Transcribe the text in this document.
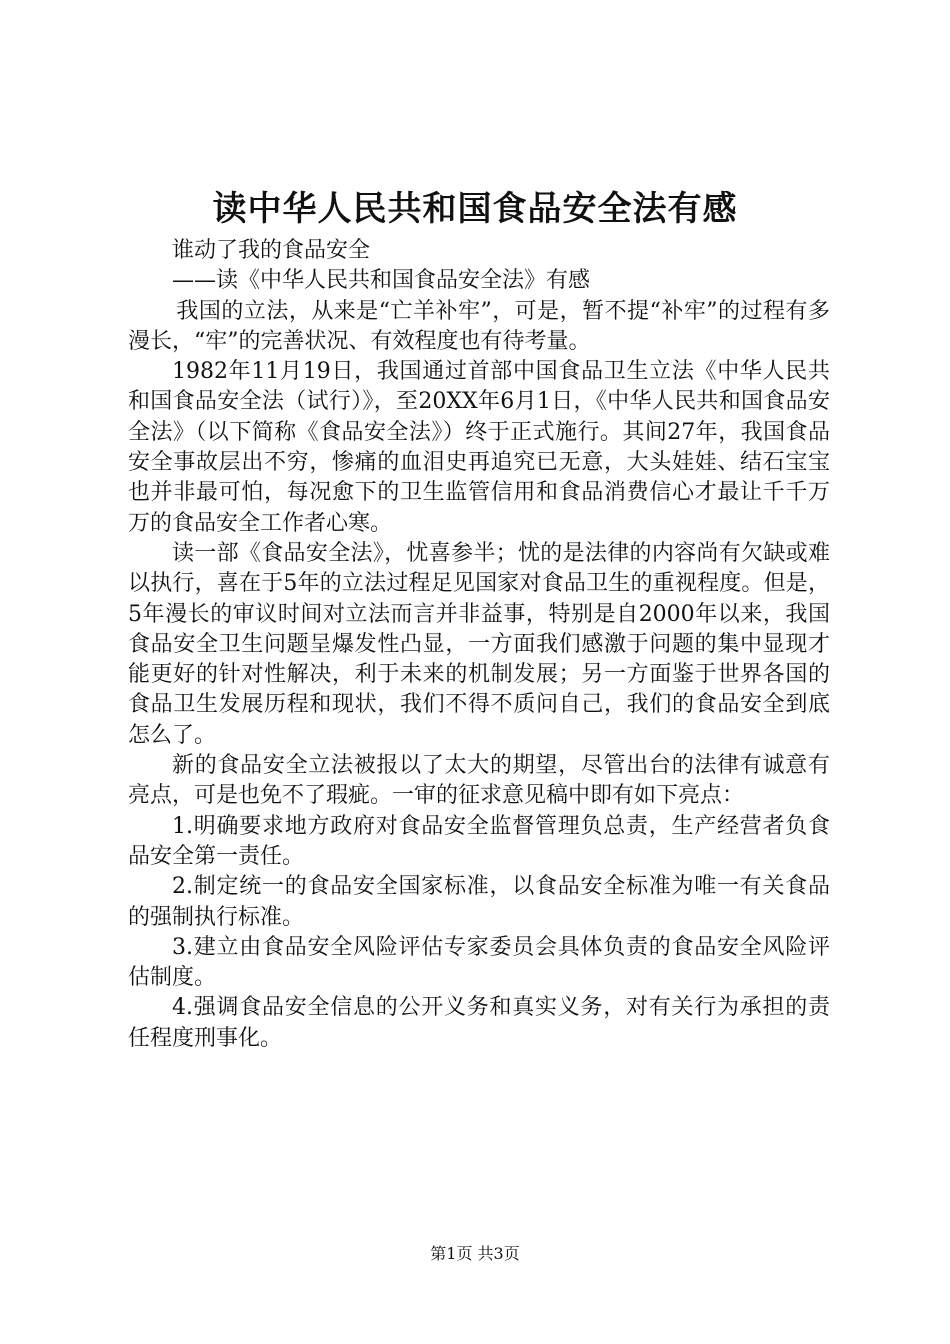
读中华人民共和国食品安全法有感

谁动了我的食品安全

——读《中华人民共和国食品安全法》有感

我国的立法，从来是“亡羊补牢”，可是，暂不提“补牢”的过程有多漫长，“牢”的完善状况、有效程度也有待考量。

1982年11月19日，我国通过首部中国食品卫生立法《中华人民共和国食品安全法（试行）》，至20XX年6月1日，《中华人民共和国食品安全法》（以下简称《食品安全法》）终于正式施行。其间27年，我国食品安全事故层出不穷，惨痛的血泪史再追究已无意，大头娃娃、结石宝宝也并非最可怕，每况愈下的卫生监管信用和食品消费信心才最让千千万万的食品安全工作者心寒。

读一部《食品安全法》，忧喜参半；忧的是法律的内容尚有欠缺或难以执行，喜在于5年的立法过程足见国家对食品卫生的重视程度。但是，5年漫长的审议时间对立法而言并非益事，特别是自2000年以来，我国食品安全卫生问题呈爆发性凸显，一方面我们感激于问题的集中显现才能更好的针对性解决，利于未来的机制发展；另一方面鉴于世界各国的食品卫生发展历程和现状，我们不得不质问自己，我们的食品安全到底怎么了。

新的食品安全立法被报以了太大的期望，尽管出台的法律有诚意有亮点，可是也免不了瑕疵。一审的征求意见稿中即有如下亮点：

1.明确要求地方政府对食品安全监督管理负总责，生产经营者负食品安全第一责任。

2.制定统一的食品安全国家标准，以食品安全标准为唯一有关食品的强制执行标准。

3.建立由食品安全风险评估专家委员会具体负责的食品安全风险评估制度。

4.强调食品安全信息的公开义务和真实义务，对有关行为承担的责任程度刑事化。

第1页 共3页
